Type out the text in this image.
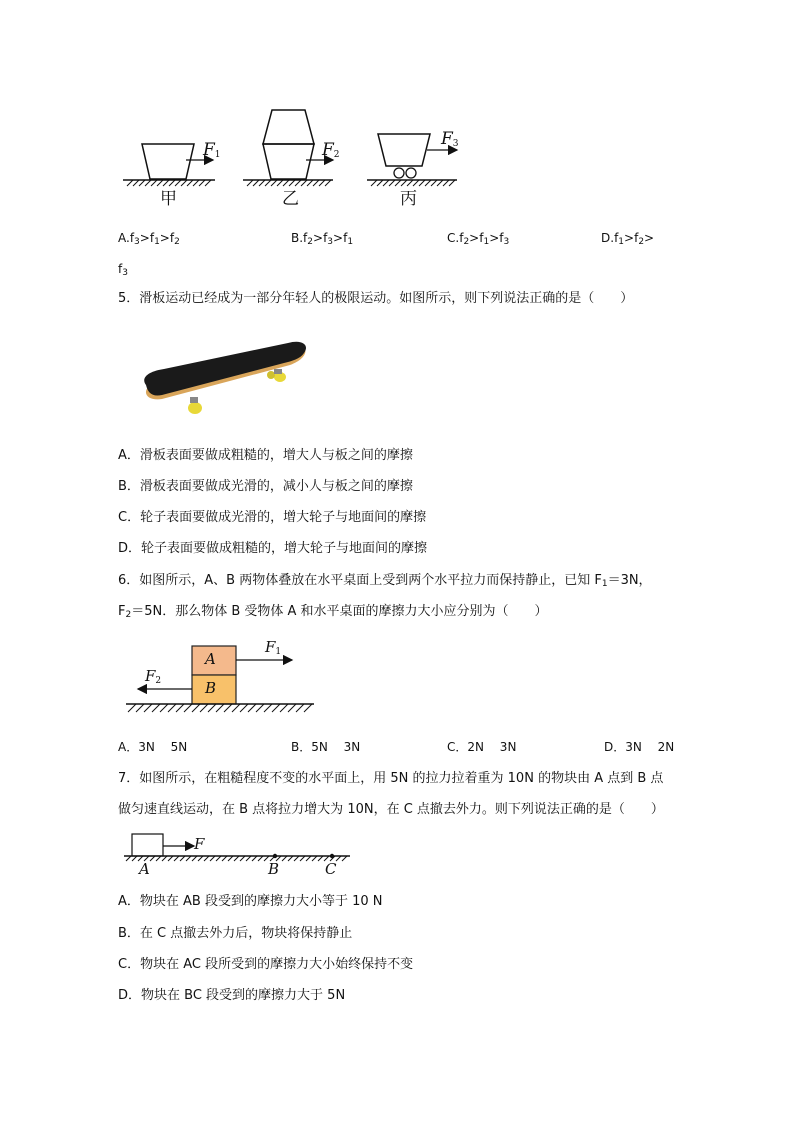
$F_1$	$F_2$
$F_3$
甲	乙	丙
$A.f_3>f_1>f_2$	$B.f_2>f_3>f_1$	$C.f_2>f_1>f_3$	$D.f_1>f_2>$
$f_3$
5．滑板运动已经成为一部分年轻人的极限运动。如图所示，则下列说法正确的是（　　）
A．滑板表面要做成粗糙的，增大人与板之间的摩擦
B．滑板表面要做成光滑的，减小人与板之间的摩擦
C．轮子表面要做成光滑的，增大轮子与地面间的摩擦
D．轮子表面要做成粗糙的，增大轮子与地面间的摩擦
6．如图所示，A、B 两物体叠放在水平桌面上受到两个水平拉力而保持静止，已知 $F_1=3N$，
$F_2=5N$．那么物体 B 受物体 A 和水平桌面的摩擦力大小应分别为（　　）
A
B
$F_1$
$F_2$
A．3N　 5N	B．5N　 3N	C．2N　 3N	D．3N　 2N
7．如图所示，在粗糙程度不变的水平面上，用 5N 的拉力拉着重为 10N 的物块由 A 点到 B 点
做匀速直线运动，在 B 点将拉力增大为 10N，在 C 点撤去外力。则下列说法正确的是（　　）
F
A	B	C
A．物块在 AB 段受到的摩擦力大小等于 10 N
B．在 C 点撤去外力后，物块将保持静止
C．物块在 AC 段所受到的摩擦力大小始终保持不变
D．物块在 BC 段受到的摩擦力大于 5N
